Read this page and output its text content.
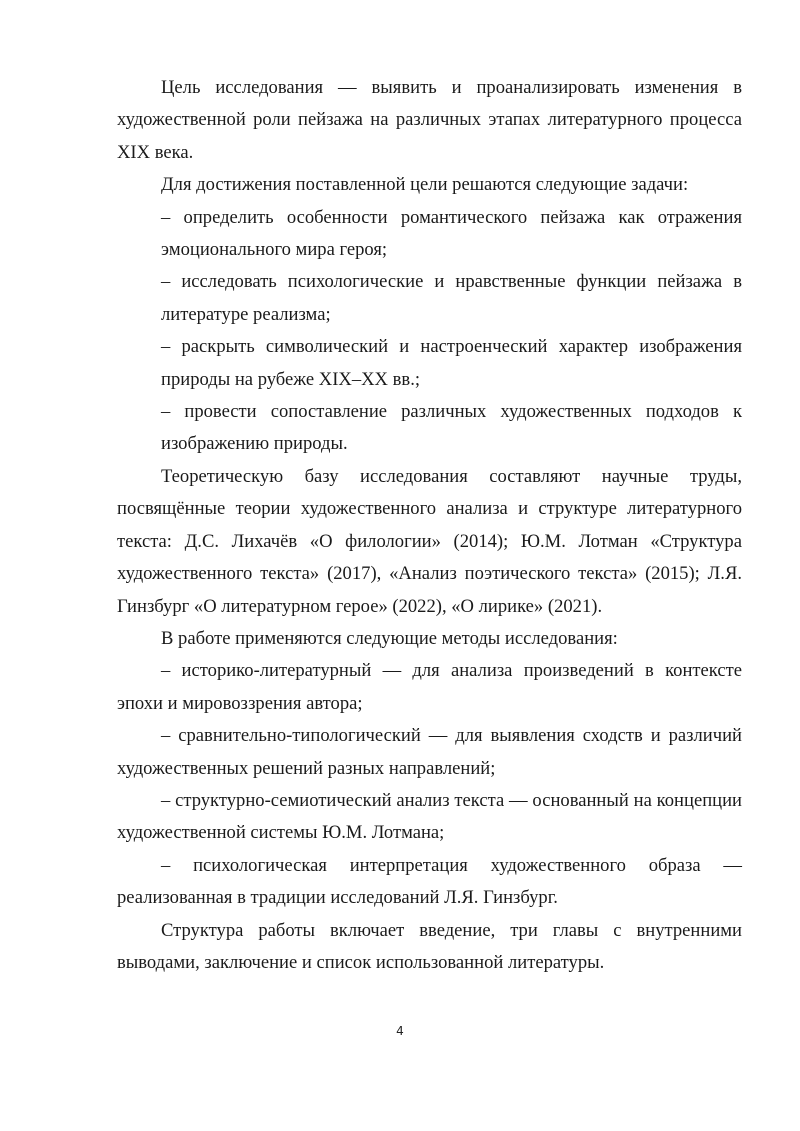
Цель исследования — выявить и проанализировать изменения в художественной роли пейзажа на различных этапах литературного процесса XIX века.

Для достижения поставленной цели решаются следующие задачи:

– определить особенности романтического пейзажа как отражения эмоционального мира героя;

– исследовать психологические и нравственные функции пейзажа в литературе реализма;

– раскрыть символический и настроенческий характер изображения природы на рубеже XIX–XX вв.;

– провести сопоставление различных художественных подходов к изображению природы.

Теоретическую базу исследования составляют научные труды, посвящённые теории художественного анализа и структуре литературного текста: Д.С. Лихачёв «О филологии» (2014); Ю.М. Лотман «Структура художественного текста» (2017), «Анализ поэтического текста» (2015); Л.Я. Гинзбург «О литературном герое» (2022), «О лирике» (2021).

В работе применяются следующие методы исследования:

– историко-литературный — для анализа произведений в контексте эпохи и мировоззрения автора;

– сравнительно-типологический — для выявления сходств и различий художественных решений разных направлений;

– структурно-семиотический анализ текста — основанный на концепции художественной системы Ю.М. Лотмана;

– психологическая интерпретация художественного образа — реализованная в традиции исследований Л.Я. Гинзбург.

Структура работы включает введение, три главы с внутренними выводами, заключение и список использованной литературы.

4
